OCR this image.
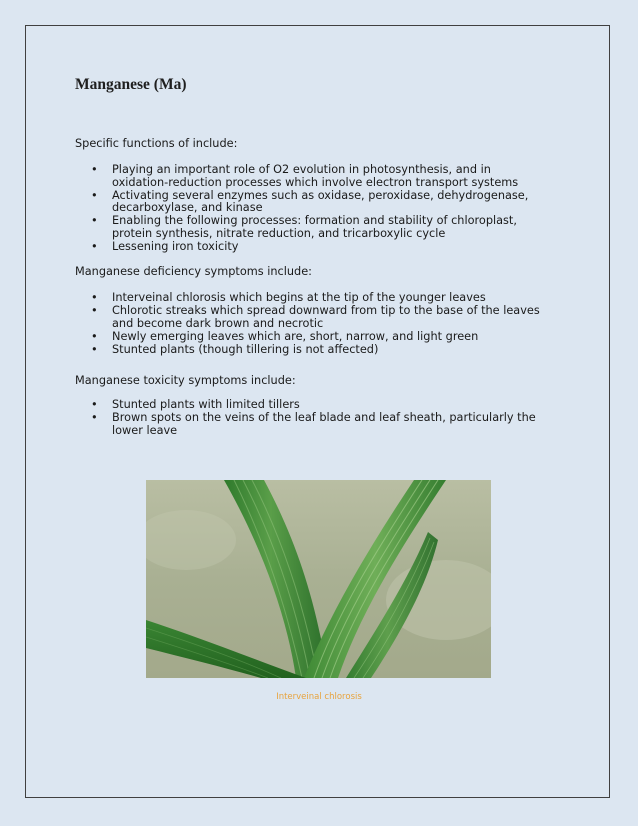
Manganese (Ma)

Specific functions of include:

• Playing an important role of O2 evolution in photosynthesis, and in oxidation-reduction processes which involve electron transport systems
• Activating several enzymes such as oxidase, peroxidase, dehydrogenase, decarboxylase, and kinase
• Enabling the following processes: formation and stability of chloroplast, protein synthesis, nitrate reduction, and tricarboxylic cycle
• Lessening iron toxicity

Manganese deficiency symptoms include:

• Interveinal chlorosis which begins at the tip of the younger leaves
• Chlorotic streaks which spread downward from tip to the base of the leaves and become dark brown and necrotic
• Newly emerging leaves which are, short, narrow, and light green
• Stunted plants (though tillering is not affected)

Manganese toxicity symptoms include:

• Stunted plants with limited tillers
• Brown spots on the veins of the leaf blade and leaf sheath, particularly the lower leave

Interveinal chlorosis
